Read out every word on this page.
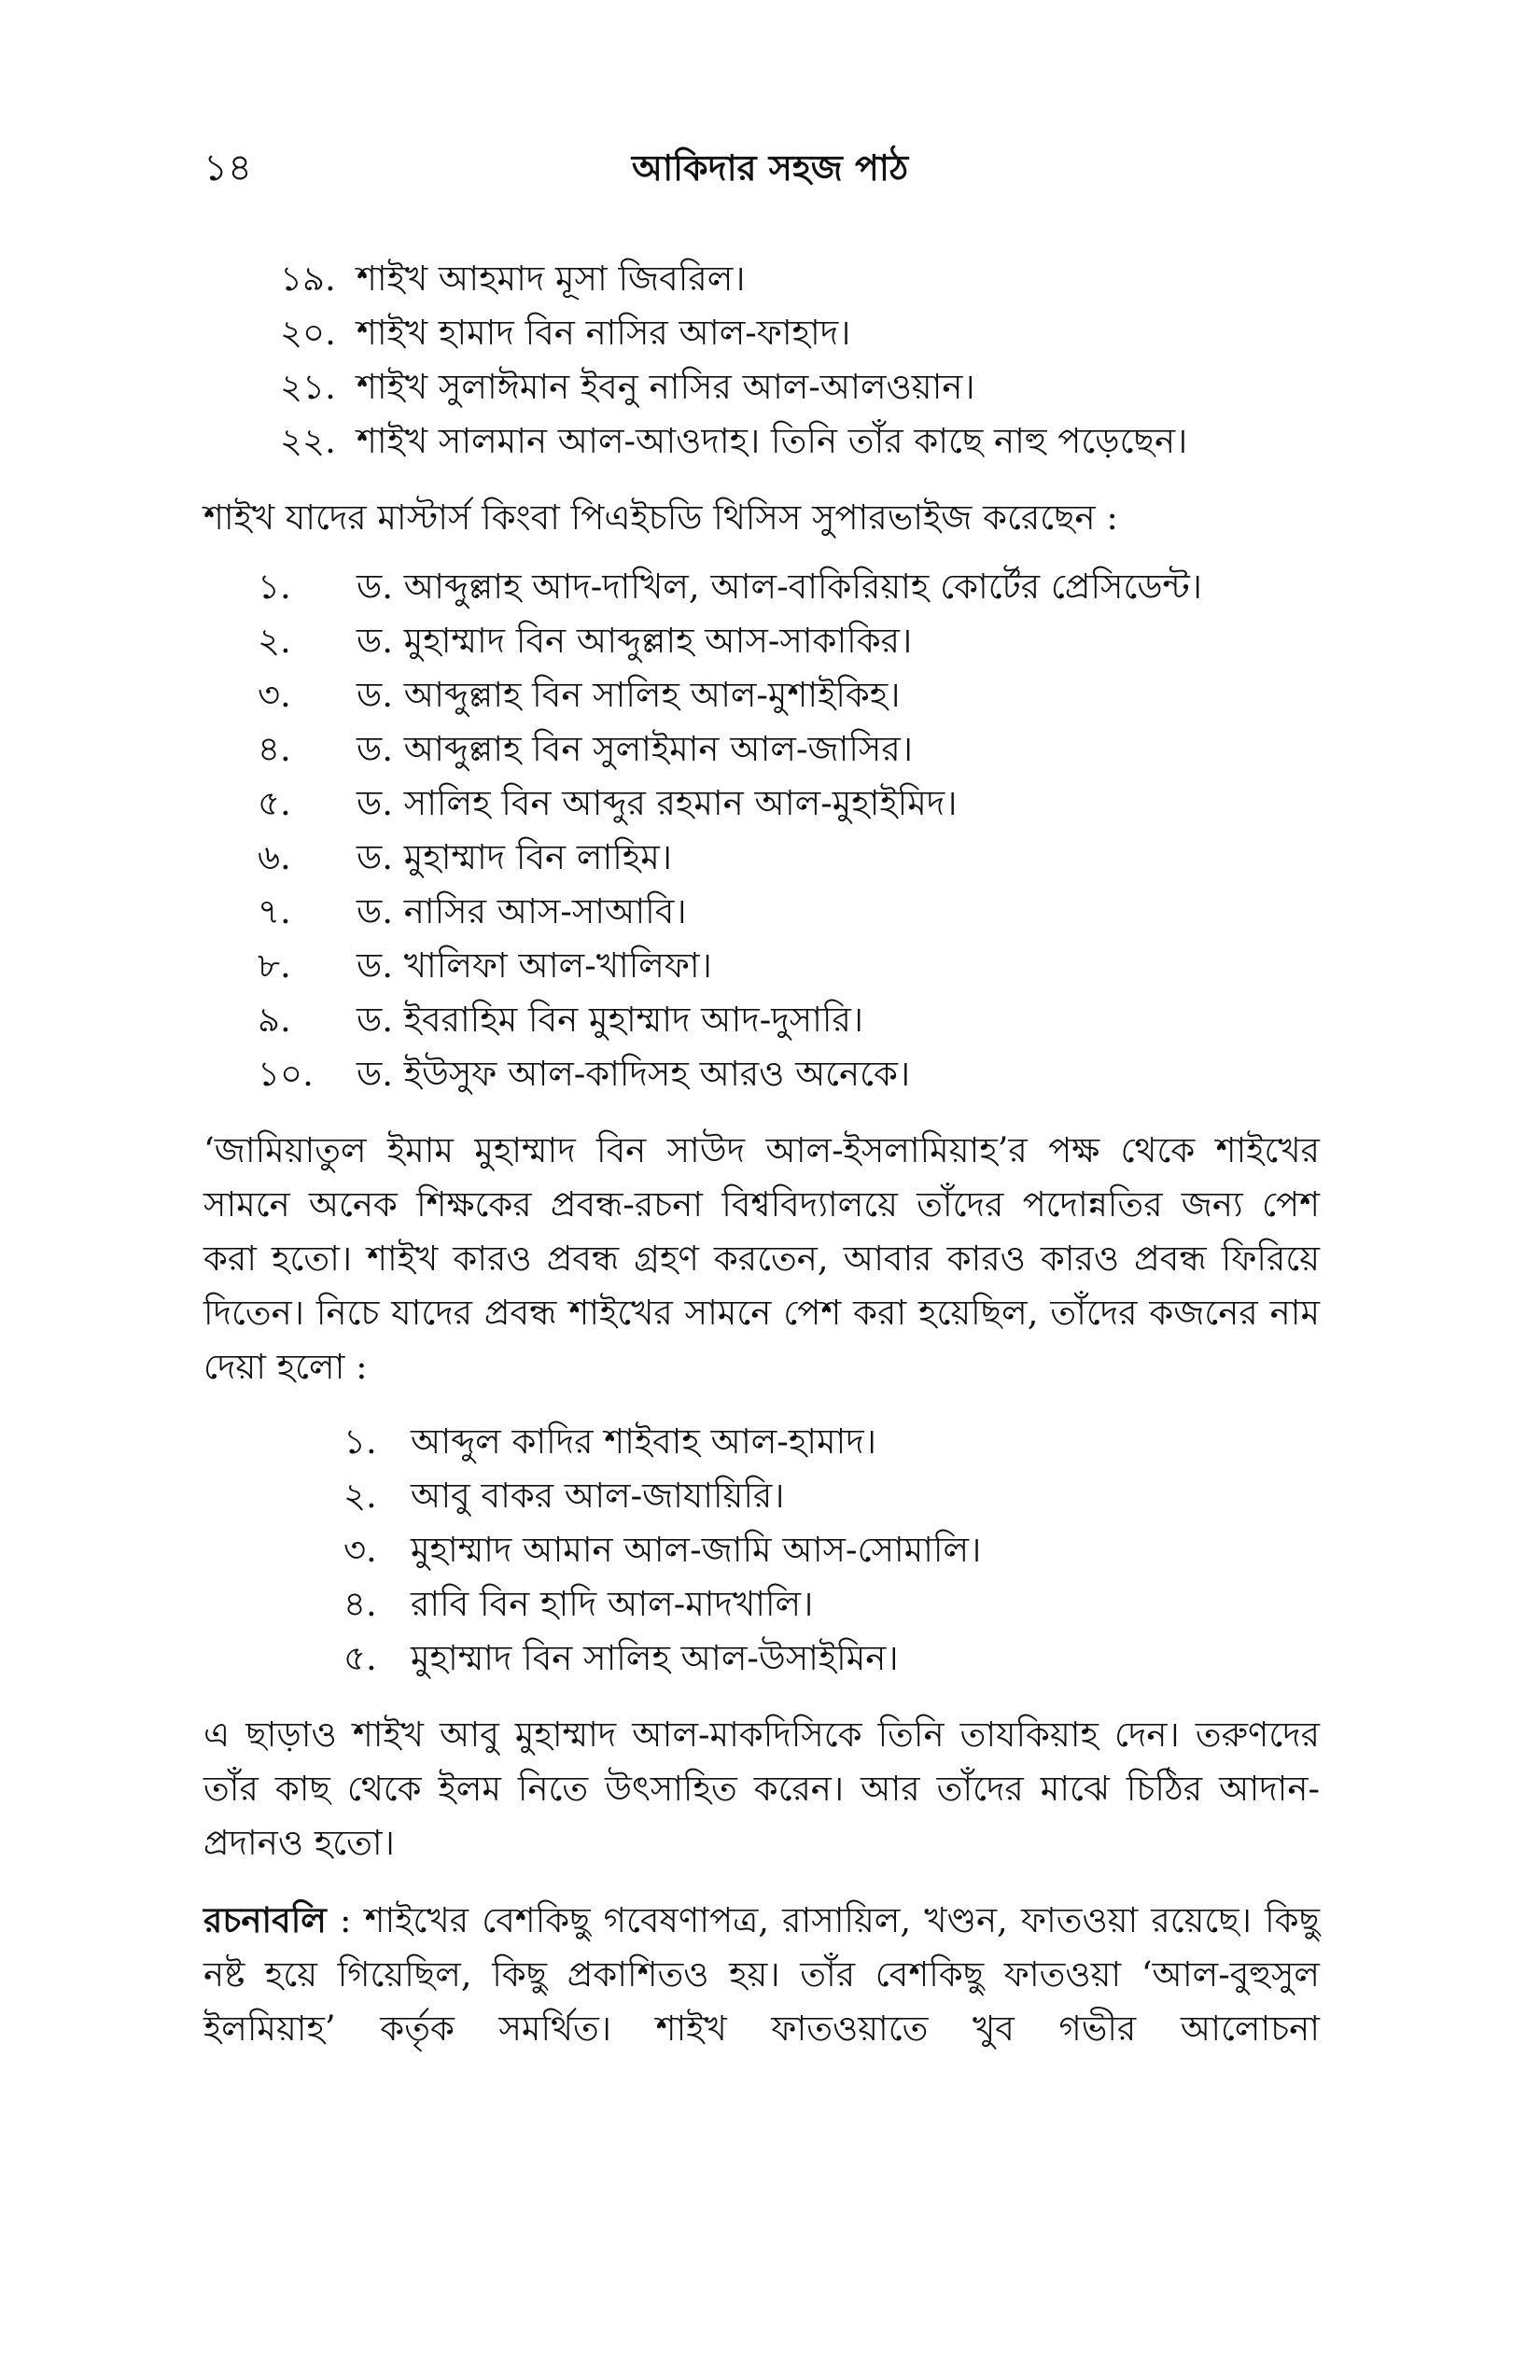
১৪	আকিদার সহজ পাঠ
১৯. শাইখ আহমাদ মূসা জিবরিল।
২০. শাইখ হামাদ বিন নাসির আল-ফাহাদ।
২১. শাইখ সুলাঈমান ইবনু নাসির আল-আলওয়ান।
২২. শাইখ সালমান আল-আওদাহ। তিনি তাঁর কাছে নাহু পড়েছেন।

শাইখ যাদের মাস্টার্স কিংবা পিএইচডি থিসিস সুপারভাইজ করেছেন :

১.	ড. আব্দুল্লাহ আদ-দাখিল, আল-বাকিরিয়াহ কোর্টের প্রেসিডেন্ট।
২.	ড. মুহাম্মাদ বিন আব্দুল্লাহ আস-সাকাকির।
৩.	ড. আব্দুল্লাহ বিন সালিহ আল-মুশাইকিহ।
৪.	ড. আব্দুল্লাহ বিন সুলাইমান আল-জাসির।
৫.	ড. সালিহ বিন আব্দুর রহমান আল-মুহাইমিদ।
৬.	ড. মুহাম্মাদ বিন লাহিম।
৭.	ড. নাসির আস-সাআবি।
৮.	ড. খালিফা আল-খালিফা।
৯.	ড. ইবরাহিম বিন মুহাম্মাদ আদ-দুসারি।
১০.	ড. ইউসুফ আল-কাদিসহ আরও অনেকে।

‘জামিয়াতুল ইমাম মুহাম্মাদ বিন সাউদ আল-ইসলামিয়াহ’র পক্ষ থেকে শাইখের সামনে অনেক শিক্ষকের প্রবন্ধ-রচনা বিশ্ববিদ্যালয়ে তাঁদের পদোন্নতির জন্য পেশ করা হতো। শাইখ কারও প্রবন্ধ গ্রহণ করতেন, আবার কারও কারও প্রবন্ধ ফিরিয়ে দিতেন। নিচে যাদের প্রবন্ধ শাইখের সামনে পেশ করা হয়েছিল, তাঁদের কজনের নাম দেয়া হলো :

১. আব্দুল কাদির শাইবাহ আল-হামাদ।
২. আবু বাকর আল-জাযায়িরি।
৩. মুহাম্মাদ আমান আল-জামি আস-সোমালি।
৪. রাবি বিন হাদি আল-মাদখালি।
৫. মুহাম্মাদ বিন সালিহ আল-উসাইমিন।

এ ছাড়াও শাইখ আবু মুহাম্মাদ আল-মাকদিসিকে তিনি তাযকিয়াহ দেন। তরুণদের তাঁর কাছ থেকে ইলম নিতে উৎসাহিত করেন। আর তাঁদের মাঝে চিঠির আদান-প্রদানও হতো।

রচনাবলি : শাইখের বেশকিছু গবেষণাপত্র, রাসায়িল, খণ্ডন, ফাতওয়া রয়েছে। কিছু নষ্ট হয়ে গিয়েছিল, কিছু প্রকাশিতও হয়। তাঁর বেশকিছু ফাতওয়া ‘আল-বুহুসুল ইলমিয়াহ’ কর্তৃক সমর্থিত। শাইখ ফাতওয়াতে খুব গভীর আলোচনা
